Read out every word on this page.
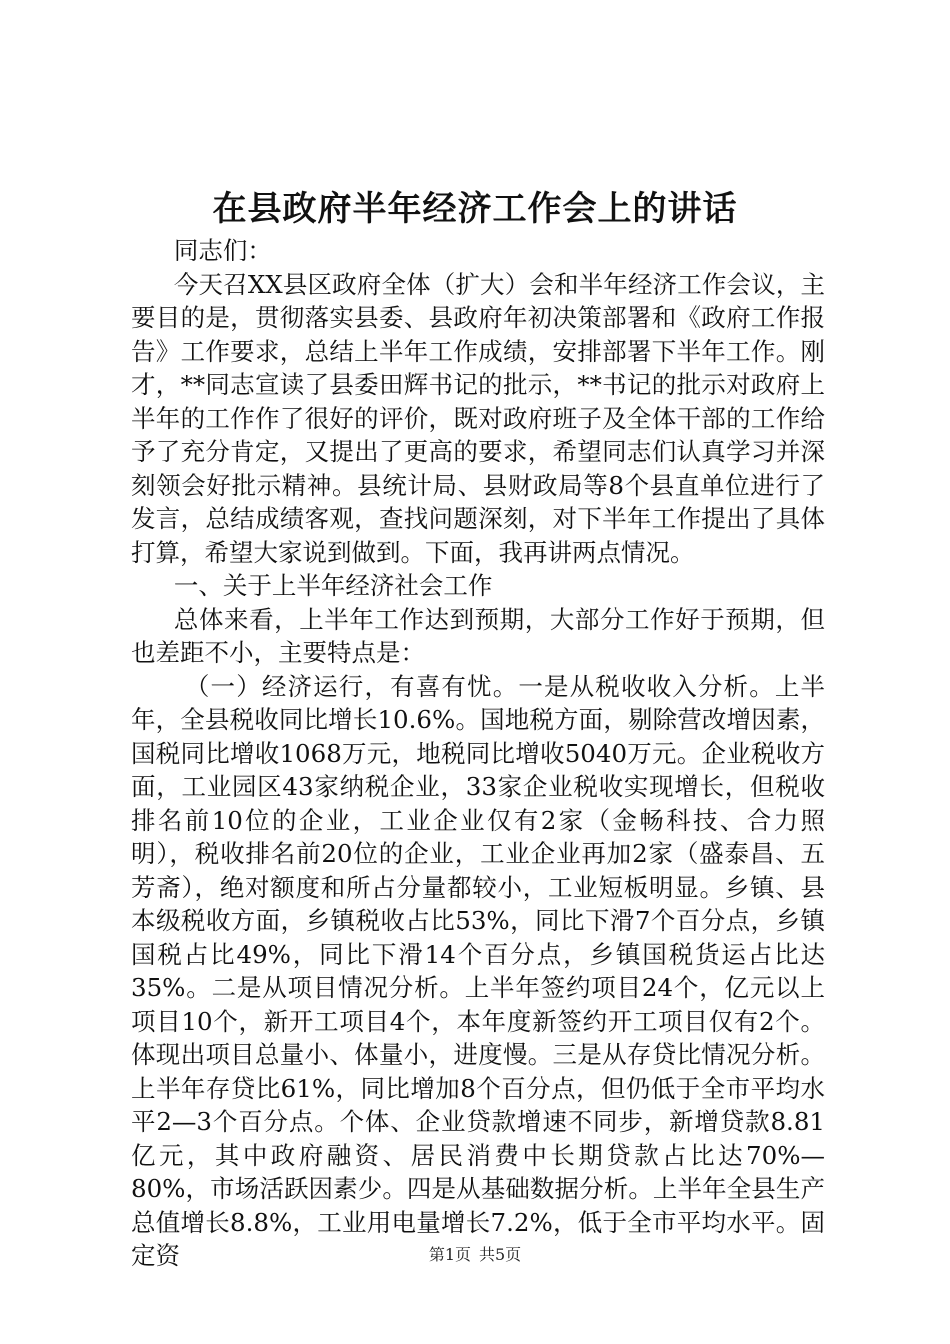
在县政府半年经济工作会上的讲话

同志们：

今天召XX县区政府全体（扩大）会和半年经济工作会议，主要目的是，贯彻落实县委、县政府年初决策部署和《政府工作报告》工作要求，总结上半年工作成绩，安排部署下半年工作。刚才，**同志宣读了县委田辉书记的批示，**书记的批示对政府上半年的工作作了很好的评价，既对政府班子及全体干部的工作给予了充分肯定，又提出了更高的要求，希望同志们认真学习并深刻领会好批示精神。县统计局、县财政局等8个县直单位进行了发言，总结成绩客观，查找问题深刻，对下半年工作提出了具体打算，希望大家说到做到。下面，我再讲两点情况。

一、关于上半年经济社会工作

总体来看，上半年工作达到预期，大部分工作好于预期，但也差距不小，主要特点是：

（一）经济运行，有喜有忧。一是从税收收入分析。上半年，全县税收同比增长10.6%。国地税方面，剔除营改增因素，国税同比增收1068万元，地税同比增收5040万元。企业税收方面，工业园区43家纳税企业，33家企业税收实现增长，但税收排名前10位的企业，工业企业仅有2家（金畅科技、合力照明），税收排名前20位的企业，工业企业再加2家（盛泰昌、五芳斋），绝对额度和所占分量都较小，工业短板明显。乡镇、县本级税收方面，乡镇税收占比53%，同比下滑7个百分点，乡镇国税占比49%，同比下滑14个百分点，乡镇国税货运占比达35%。二是从项目情况分析。上半年签约项目24个，亿元以上项目10个，新开工项目4个，本年度新签约开工项目仅有2个。体现出项目总量小、体量小，进度慢。三是从存贷比情况分析。上半年存贷比61%，同比增加8个百分点，但仍低于全市平均水平2—3个百分点。个体、企业贷款增速不同步，新增贷款8.81亿元，其中政府融资、居民消费中长期贷款占比达70%—80%，市场活跃因素少。四是从基础数据分析。上半年全县生产总值增长8.8%，工业用电量增长7.2%，低于全市平均水平。固定资	第1页 共5页
